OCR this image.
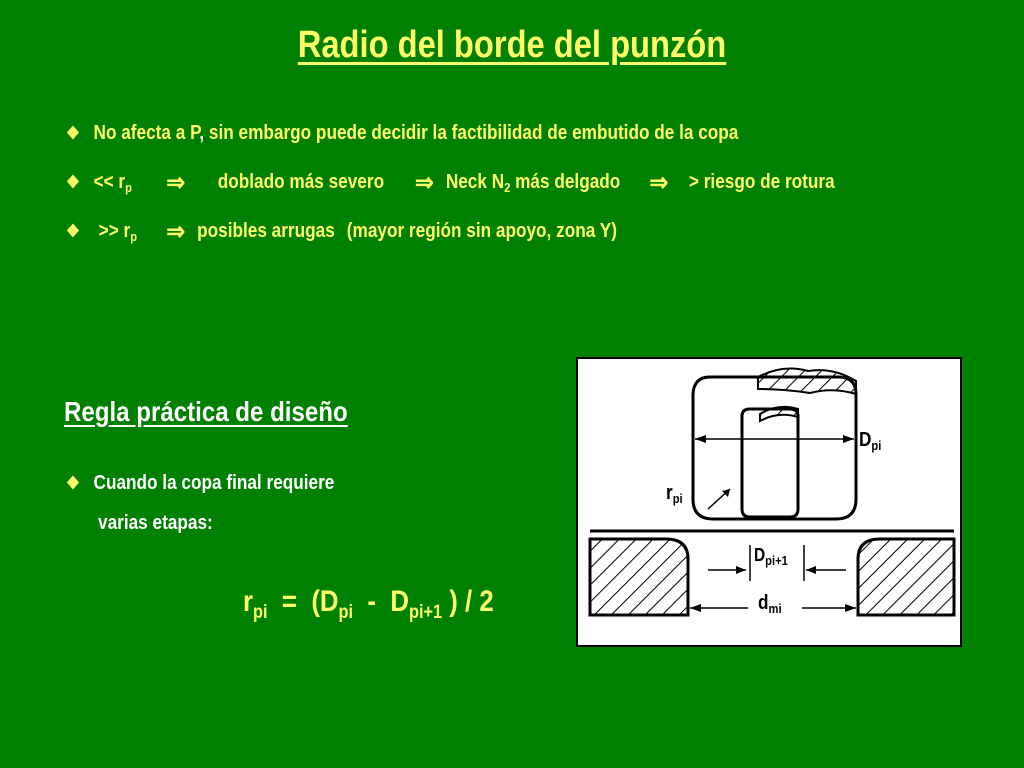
Radio del borde del punzón
❖ No afecta a P, sin embargo puede decidir la factibilidad de embutido de la copa
❖ << $r_p$ ⇒ doblado más severo ⇒ Neck $N_2$ más delgado ⇒ > riesgo de rotura
❖ >> $r_p$ ⇒ posibles arrugas (mayor región sin apoyo, zona Y)
Regla práctica de diseño
❖ Cuando la copa final requiere
varias etapas:
$r_{pi} = (D_{pi} - D_{pi+1}$ ) / 2
$D_{pi}$
$r_{pi}$
$D_{pi+1}$
$d_{mi}$
